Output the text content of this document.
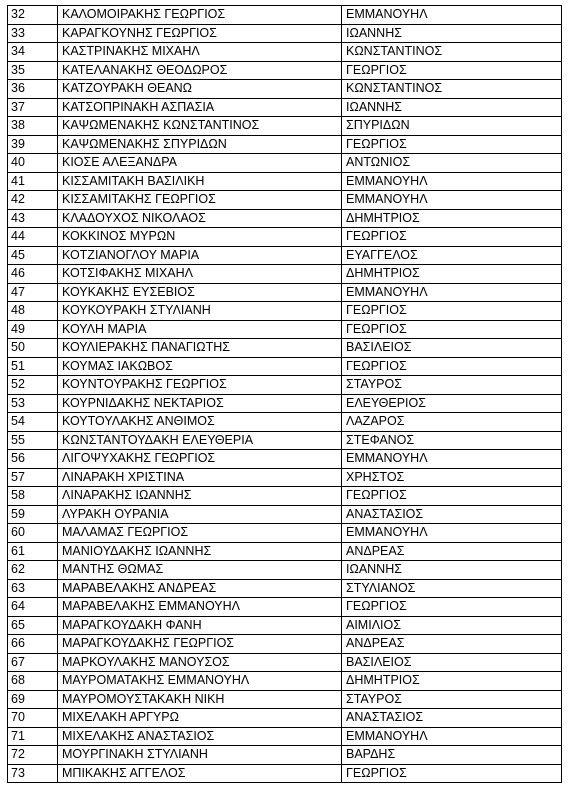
32	ΚΑΛΟΜΟΙΡΑΚΗΣ ΓΕΩΡΓΙΟΣ	ΕΜΜΑΝΟΥΗΛ
33	ΚΑΡΑΓΚΟΥΝΗΣ ΓΕΩΡΓΙΟΣ	ΙΩΑΝΝΗΣ
34	ΚΑΣΤΡΙΝΑΚΗΣ ΜΙΧΑΗΛ	ΚΩΝΣΤΑΝΤΙΝΟΣ
35	ΚΑΤΕΛΑΝΑΚΗΣ ΘΕΟΔΩΡΟΣ	ΓΕΩΡΓΙΟΣ
36	ΚΑΤΖΟΥΡΑΚΗ ΘΕΑΝΩ	ΚΩΝΣΤΑΝΤΙΝΟΣ
37	ΚΑΤΣΟΠΡΙΝΑΚΗ ΑΣΠΑΣΙΑ	ΙΩΑΝΝΗΣ
38	ΚΑΨΩΜΕΝΑΚΗΣ ΚΩΝΣΤΑΝΤΙΝΟΣ	ΣΠΥΡΙΔΩΝ
39	ΚΑΨΩΜΕΝΑΚΗΣ ΣΠΥΡΙΔΩΝ	ΓΕΩΡΓΙΟΣ
40	ΚΙΟΣΕ ΑΛΕΞΑΝΔΡΑ	ΑΝΤΩΝΙΟΣ
41	ΚΙΣΣΑΜΙΤΑΚΗ ΒΑΣΙΛΙΚΗ	ΕΜΜΑΝΟΥΗΛ
42	ΚΙΣΣΑΜΙΤΑΚΗΣ ΓΕΩΡΓΙΟΣ	ΕΜΜΑΝΟΥΗΛ
43	ΚΛΑΔΟΥΧΟΣ ΝΙΚΟΛΑΟΣ	ΔΗΜΗΤΡΙΟΣ
44	ΚΟΚΚΙΝΟΣ ΜΥΡΩΝ	ΓΕΩΡΓΙΟΣ
45	ΚΟΤΖΙΑΝΟΓΛΟΥ ΜΑΡΙΑ	ΕΥΑΓΓΕΛΟΣ
46	ΚΟΤΣΙΦΑΚΗΣ ΜΙΧΑΗΛ	ΔΗΜΗΤΡΙΟΣ
47	ΚΟΥΚΑΚΗΣ ΕΥΣΕΒΙΟΣ	ΕΜΜΑΝΟΥΗΛ
48	ΚΟΥΚΟΥΡΑΚΗ ΣΤΥΛΙΑΝΗ	ΓΕΩΡΓΙΟΣ
49	ΚΟΥΛΗ ΜΑΡΙΑ	ΓΕΩΡΓΙΟΣ
50	ΚΟΥΛΙΕΡΑΚΗΣ ΠΑΝΑΓΙΩΤΗΣ	ΒΑΣΙΛΕΙΟΣ
51	ΚΟΥΜΑΣ ΙΑΚΩΒΟΣ	ΓΕΩΡΓΙΟΣ
52	ΚΟΥΝΤΟΥΡΑΚΗΣ ΓΕΩΡΓΙΟΣ	ΣΤΑΥΡΟΣ
53	ΚΟΥΡΝΙΔΑΚΗΣ ΝΕΚΤΑΡΙΟΣ	ΕΛΕΥΘΕΡΙΟΣ
54	ΚΟΥΤΟΥΛΑΚΗΣ ΑΝΘΙΜΟΣ	ΛΑΖΑΡΟΣ
55	ΚΩΝΣΤΑΝΤΟΥΔΑΚΗ ΕΛΕΥΘΕΡΙΑ	ΣΤΕΦΑΝΟΣ
56	ΛΙΓΟΨΥΧΑΚΗΣ ΓΕΩΡΓΙΟΣ	ΕΜΜΑΝΟΥΗΛ
57	ΛΙΝΑΡΑΚΗ ΧΡΙΣΤΙΝΑ	ΧΡΗΣΤΟΣ
58	ΛΙΝΑΡΑΚΗΣ ΙΩΑΝΝΗΣ	ΓΕΩΡΓΙΟΣ
59	ΛΥΡΑΚΗ ΟΥΡΑΝΙΑ	ΑΝΑΣΤΑΣΙΟΣ
60	ΜΑΛΑΜΑΣ ΓΕΩΡΓΙΟΣ	ΕΜΜΑΝΟΥΗΛ
61	ΜΑΝΙΟΥΔΑΚΗΣ ΙΩΑΝΝΗΣ	ΑΝΔΡΕΑΣ
62	ΜΑΝΤΗΣ ΘΩΜΑΣ	ΙΩΑΝΝΗΣ
63	ΜΑΡΑΒΕΛΑΚΗΣ ΑΝΔΡΕΑΣ	ΣΤΥΛΙΑΝΟΣ
64	ΜΑΡΑΒΕΛΑΚΗΣ ΕΜΜΑΝΟΥΗΛ	ΓΕΩΡΓΙΟΣ
65	ΜΑΡΑΓΚΟΥΔΑΚΗ ΦΑΝΗ	ΑΙΜΙΛΙΟΣ
66	ΜΑΡΑΓΚΟΥΔΑΚΗΣ ΓΕΩΡΓΙΟΣ	ΑΝΔΡΕΑΣ
67	ΜΑΡΚΟΥΛΑΚΗΣ ΜΑΝΟΥΣΟΣ	ΒΑΣΙΛΕΙΟΣ
68	ΜΑΥΡΟΜΑΤΑΚΗΣ ΕΜΜΑΝΟΥΗΛ	ΔΗΜΗΤΡΙΟΣ
69	ΜΑΥΡΟΜΟΥΣΤΑΚΑΚΗ ΝΙΚΗ	ΣΤΑΥΡΟΣ
70	ΜΙΧΕΛΑΚΗ ΑΡΓΥΡΩ	ΑΝΑΣΤΑΣΙΟΣ
71	ΜΙΧΕΛΑΚΗΣ ΑΝΑΣΤΑΣΙΟΣ	ΕΜΜΑΝΟΥΗΛ
72	ΜΟΥΡΓΙΝΑΚΗ ΣΤΥΛΙΑΝΗ	ΒΑΡΔΗΣ
73	ΜΠΙΚΑΚΗΣ ΑΓΓΕΛΟΣ	ΓΕΩΡΓΙΟΣ
